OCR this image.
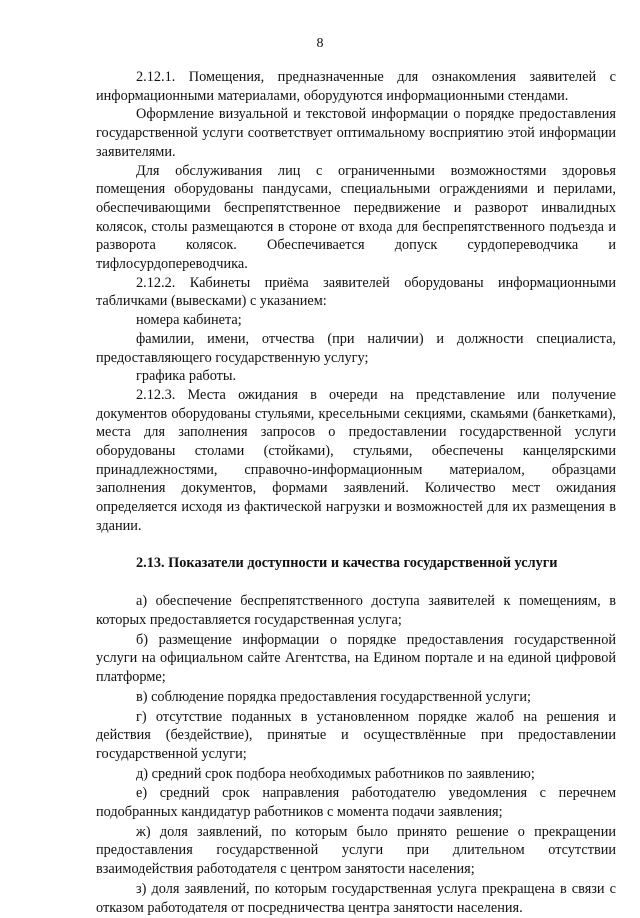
8

2.12.1. Помещения, предназначенные для ознакомления заявителей с информационными материалами, оборудуются информационными стендами.

Оформление визуальной и текстовой информации о порядке предоставления государственной услуги соответствует оптимальному восприятию этой информации заявителями.

Для обслуживания лиц с ограниченными возможностями здоровья помещения оборудованы пандусами, специальными ограждениями и перилами, обеспечивающими беспрепятственное передвижение и разворот инвалидных колясок, столы размещаются в стороне от входа для беспрепятственного подъезда и разворота колясок. Обеспечивается допуск сурдопереводчика и тифлосурдопереводчика.

2.12.2. Кабинеты приёма заявителей оборудованы информационными табличками (вывесками) с указанием:

номера кабинета;

фамилии, имени, отчества (при наличии) и должности специалиста, предоставляющего государственную услугу;

графика работы.

2.12.3. Места ожидания в очереди на представление или получение документов оборудованы стульями, кресельными секциями, скамьями (банкетками), места для заполнения запросов о предоставлении государственной услуги оборудованы столами (стойками), стульями, обеспечены канцелярскими принадлежностями, справочно-информационным материалом, образцами заполнения документов, формами заявлений. Количество мест ожидания определяется исходя из фактической нагрузки и возможностей для их размещения в здании.

2.13. Показатели доступности и качества государственной услуги

а) обеспечение беспрепятственного доступа заявителей к помещениям, в которых предоставляется государственная услуга;

б) размещение информации о порядке предоставления государственной услуги на официальном сайте Агентства, на Едином портале и на единой цифровой платформе;

в) соблюдение порядка предоставления государственной услуги;

г) отсутствие поданных в установленном порядке жалоб на решения и действия (бездействие), принятые и осуществлённые при предоставлении государственной услуги;

д) средний срок подбора необходимых работников по заявлению;

е) средний срок направления работодателю уведомления с перечнем подобранных кандидатур работников с момента подачи заявления;

ж) доля заявлений, по которым было принято решение о прекращении предоставления государственной услуги при длительном отсутствии взаимодействия работодателя с центром занятости населения;

з) доля заявлений, по которым государственная услуга прекращена в связи с отказом работодателя от посредничества центра занятости населения.
